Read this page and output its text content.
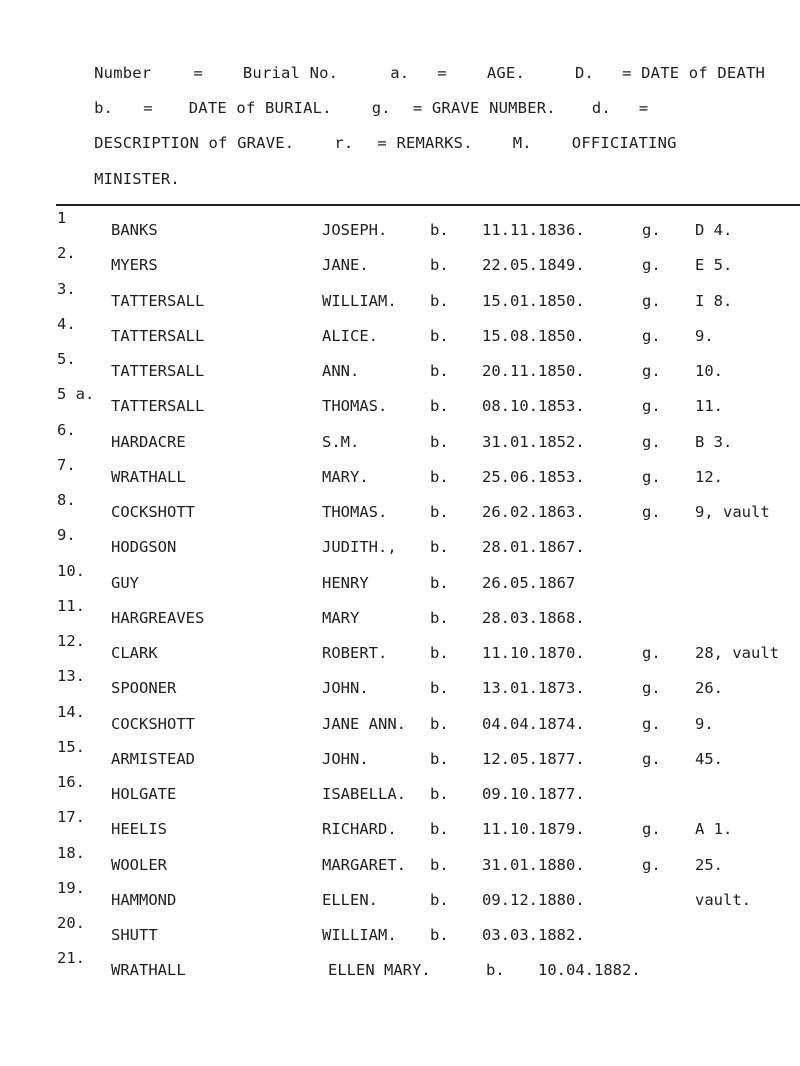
Number	=	Burial No.	a. =	AGE.	D. = DATE of DEATH

b. = DATE of BURIAL.	g. = GRAVE NUMBER. d. =

DESCRIPTION of GRAVE.	r. = REMARKS.	M.	OFFICIATING

MINISTER.

1
BANKS	JOSEPH.	b. 11.11.1836.	g. D 4.
2.
MYERS	JANE.	b. 22.05.1849.	g. E 5.
3.
TATTERSALL	WILLIAM. b. 15.01.1850.	g. I 8.
4.
TATTERSALL	ALICE.	b. 15.08.1850.	g. 9.
5.
TATTERSALL	ANN.	b. 20.11.1850.	g. 10.
5 a.
TATTERSALL	THOMAS.	b. 08.10.1853.	g. 11.
6.
HARDACRE	S.M.	b. 31.01.1852.	g. B 3.
7.
WRATHALL	MARY.	b. 25.06.1853.	g. 12.
8.
COCKSHOTT	THOMAS.	b. 26.02.1863.	g. 9, vault
9.
HODGSON	JUDITH., b. 28.01.1867.
10.
GUY	HENRY	b. 26.05.1867
11.
HARGREAVES	MARY	b. 28.03.1868.
12.
CLARK	ROBERT.	b. 11.10.1870.	g. 28, vault
13.
SPOONER	JOHN.	b. 13.01.1873.	g. 26.
14.
COCKSHOTT	JANE ANN. b. 04.04.1874.	g. 9.
15.
ARMISTEAD	JOHN.	b. 12.05.1877.	g. 45.
16.
HOLGATE	ISABELLA. b. 09.10.1877.
17.
HEELIS	RICHARD. b. 11.10.1879.	g. A 1.
18.
WOOLER	MARGARET. b. 31.01.1880.	g. 25.
19.
HAMMOND	ELLEN.	b. 09.12.1880.	vault.
20.
SHUTT	WILLIAM. b. 03.03.1882.
21.
WRATHALL	ELLEN MARY.	b. 10.04.1882.
